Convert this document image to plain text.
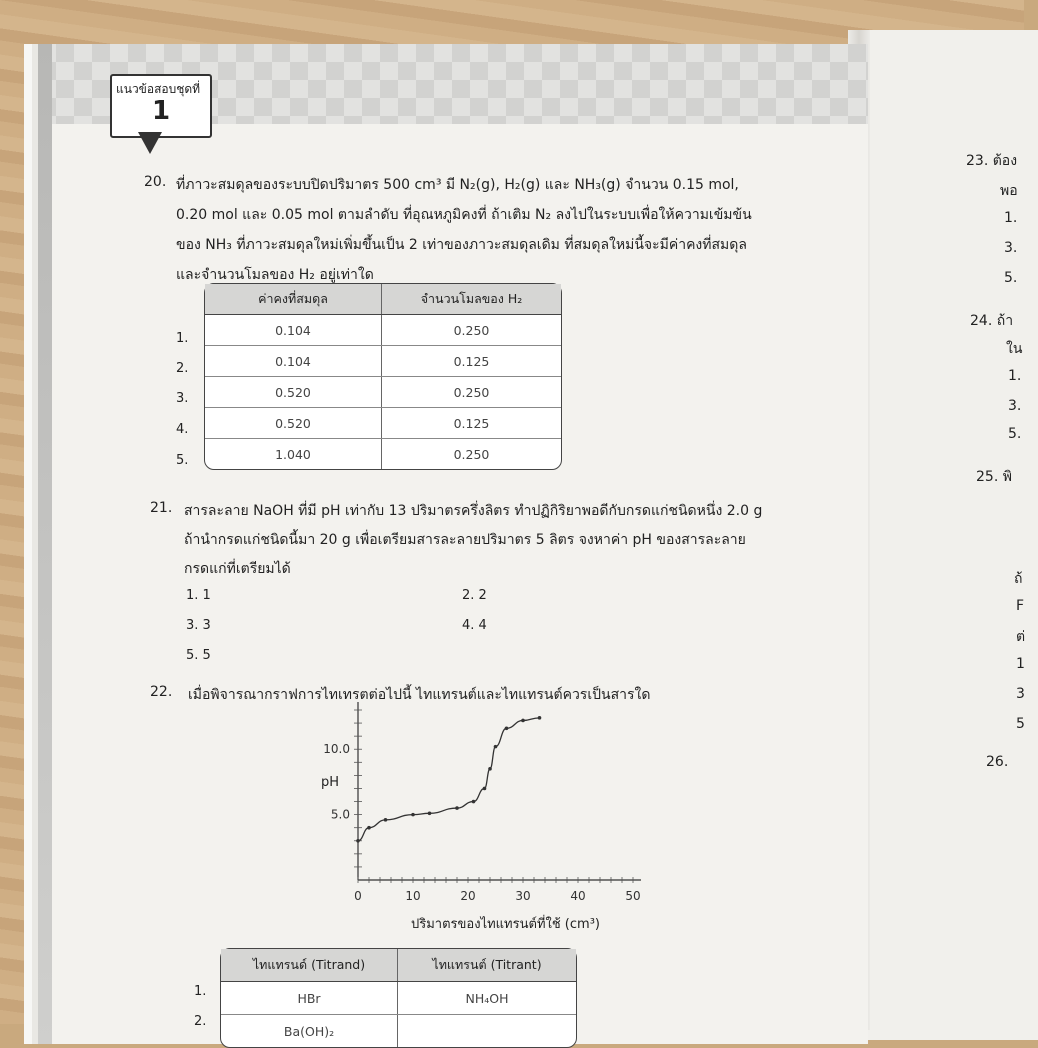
แนวข้อสอบชุดที่
1
20. ที่ภาวะสมดุลของระบบปิดปริมาตร 500 cm³ มี N₂(g), H₂(g) และ NH₃(g) จำนวน 0.15 mol,
0.20 mol และ 0.05 mol ตามลำดับ ที่อุณหภูมิคงที่ ถ้าเติม N₂ ลงไปในระบบเพื่อให้ความเข้มข้น
ของ NH₃ ที่ภาวะสมดุลใหม่เพิ่มขึ้นเป็น 2 เท่าของภาวะสมดุลเดิม ที่สมดุลใหม่นี้จะมีค่าคงที่สมดุล
และจำนวนโมลของ H₂ อยู่เท่าใด
1.
2.
3.
4.
5.
ค่าคงที่สมดุล	จำนวนโมลของ H₂
0.104	0.250
0.104	0.125
0.520	0.250
0.520	0.125
1.040	0.250
21. สารละลาย NaOH ที่มี pH เท่ากับ 13 ปริมาตรครึ่งลิตร ทำปฏิกิริยาพอดีกับกรดแก่ชนิดหนึ่ง 2.0 g
ถ้านำกรดแก่ชนิดนี้มา 20 g เพื่อเตรียมสารละลายปริมาตร 5 ลิตร จงหาค่า pH ของสารละลาย
กรดแก่ที่เตรียมได้
1. 1	2. 2
3. 3	4. 4
5. 5
22. เมื่อพิจารณากราฟการไทเทรตต่อไปนี้ ไทแทรนต์และไทแทรนต์ควรเป็นสารใด
pH
ปริมาตรของไทแทรนต์ที่ใช้ (cm³)
0	10	20	30	40	50
5.0
10.0
ไทแทรนด์ (Titrand)	ไทแทรนต์ (Titrant)
HBr	NH₄OH
Ba(OH)₂
1.
2.
23. ต้อง
พอ
1.
3.
5.
24. ถ้า
ใน
1.
3.
5.
25. พิ
ถ้
F
ต่
1
3
5
26.
